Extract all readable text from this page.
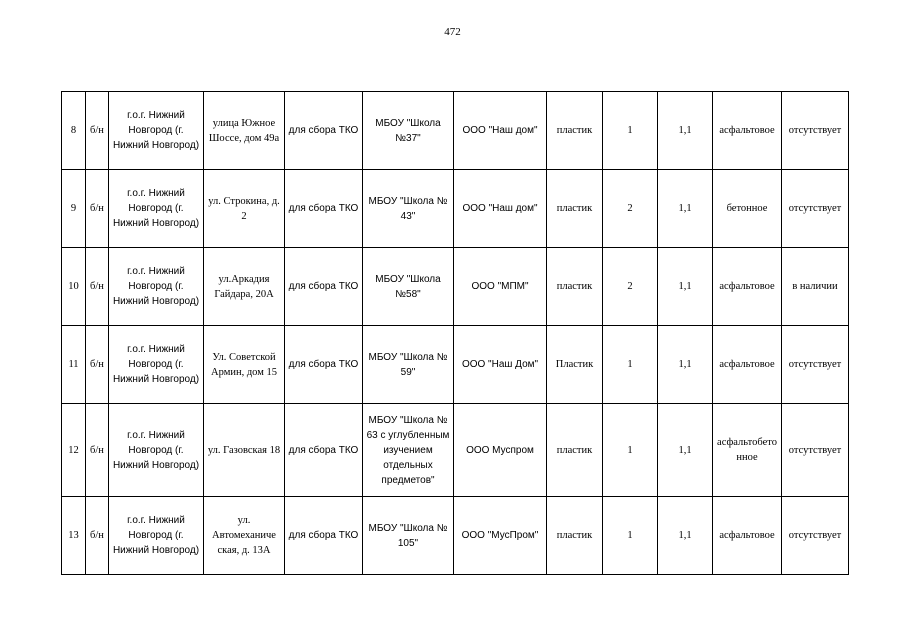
472
8	б/н	г.о.г. Нижний Новгород (г. Нижний Новгород)	улица Южное Шоссе, дом 49а	для сбора ТКО	МБОУ "Школа №37"	ООО "Наш дом"	пластик	1	1,1	асфальтовое	отсутствует
9	б/н	г.о.г. Нижний Новгород (г. Нижний Новгород)	ул. Строкина, д. 2	для сбора ТКО	МБОУ "Школа № 43"	ООО "Наш дом"	пластик	2	1,1	бетонное	отсутствует
10	б/н	г.о.г. Нижний Новгород (г. Нижний Новгород)	ул.Аркадия Гайдара, 20А	для сбора ТКО	МБОУ "Школа №58"	ООО "МПМ"	пластик	2	1,1	асфальтовое	в наличии
11	б/н	г.о.г. Нижний Новгород (г. Нижний Новгород)	Ул. Советской Армин, дом 15	для сбора ТКО	МБОУ "Школа № 59"	ООО "Наш Дом"	Пластик	1	1,1	асфальтовое	отсутствует
12	б/н	г.о.г. Нижний Новгород (г. Нижний Новгород)	ул. Газовская 18	для сбора ТКО	МБОУ "Школа № 63 с углубленным изучением отдельных предметов"	ООО Муспром	пластик	1	1,1	асфальтобето нное	отсутствует
13	б/н	г.о.г. Нижний Новгород (г. Нижний Новгород)	ул. Автомеханиче ская, д. 13А	для сбора ТКО	МБОУ "Школа № 105"	ООО "МусПром"	пластик	1	1,1	асфальтовое	отсутствует
